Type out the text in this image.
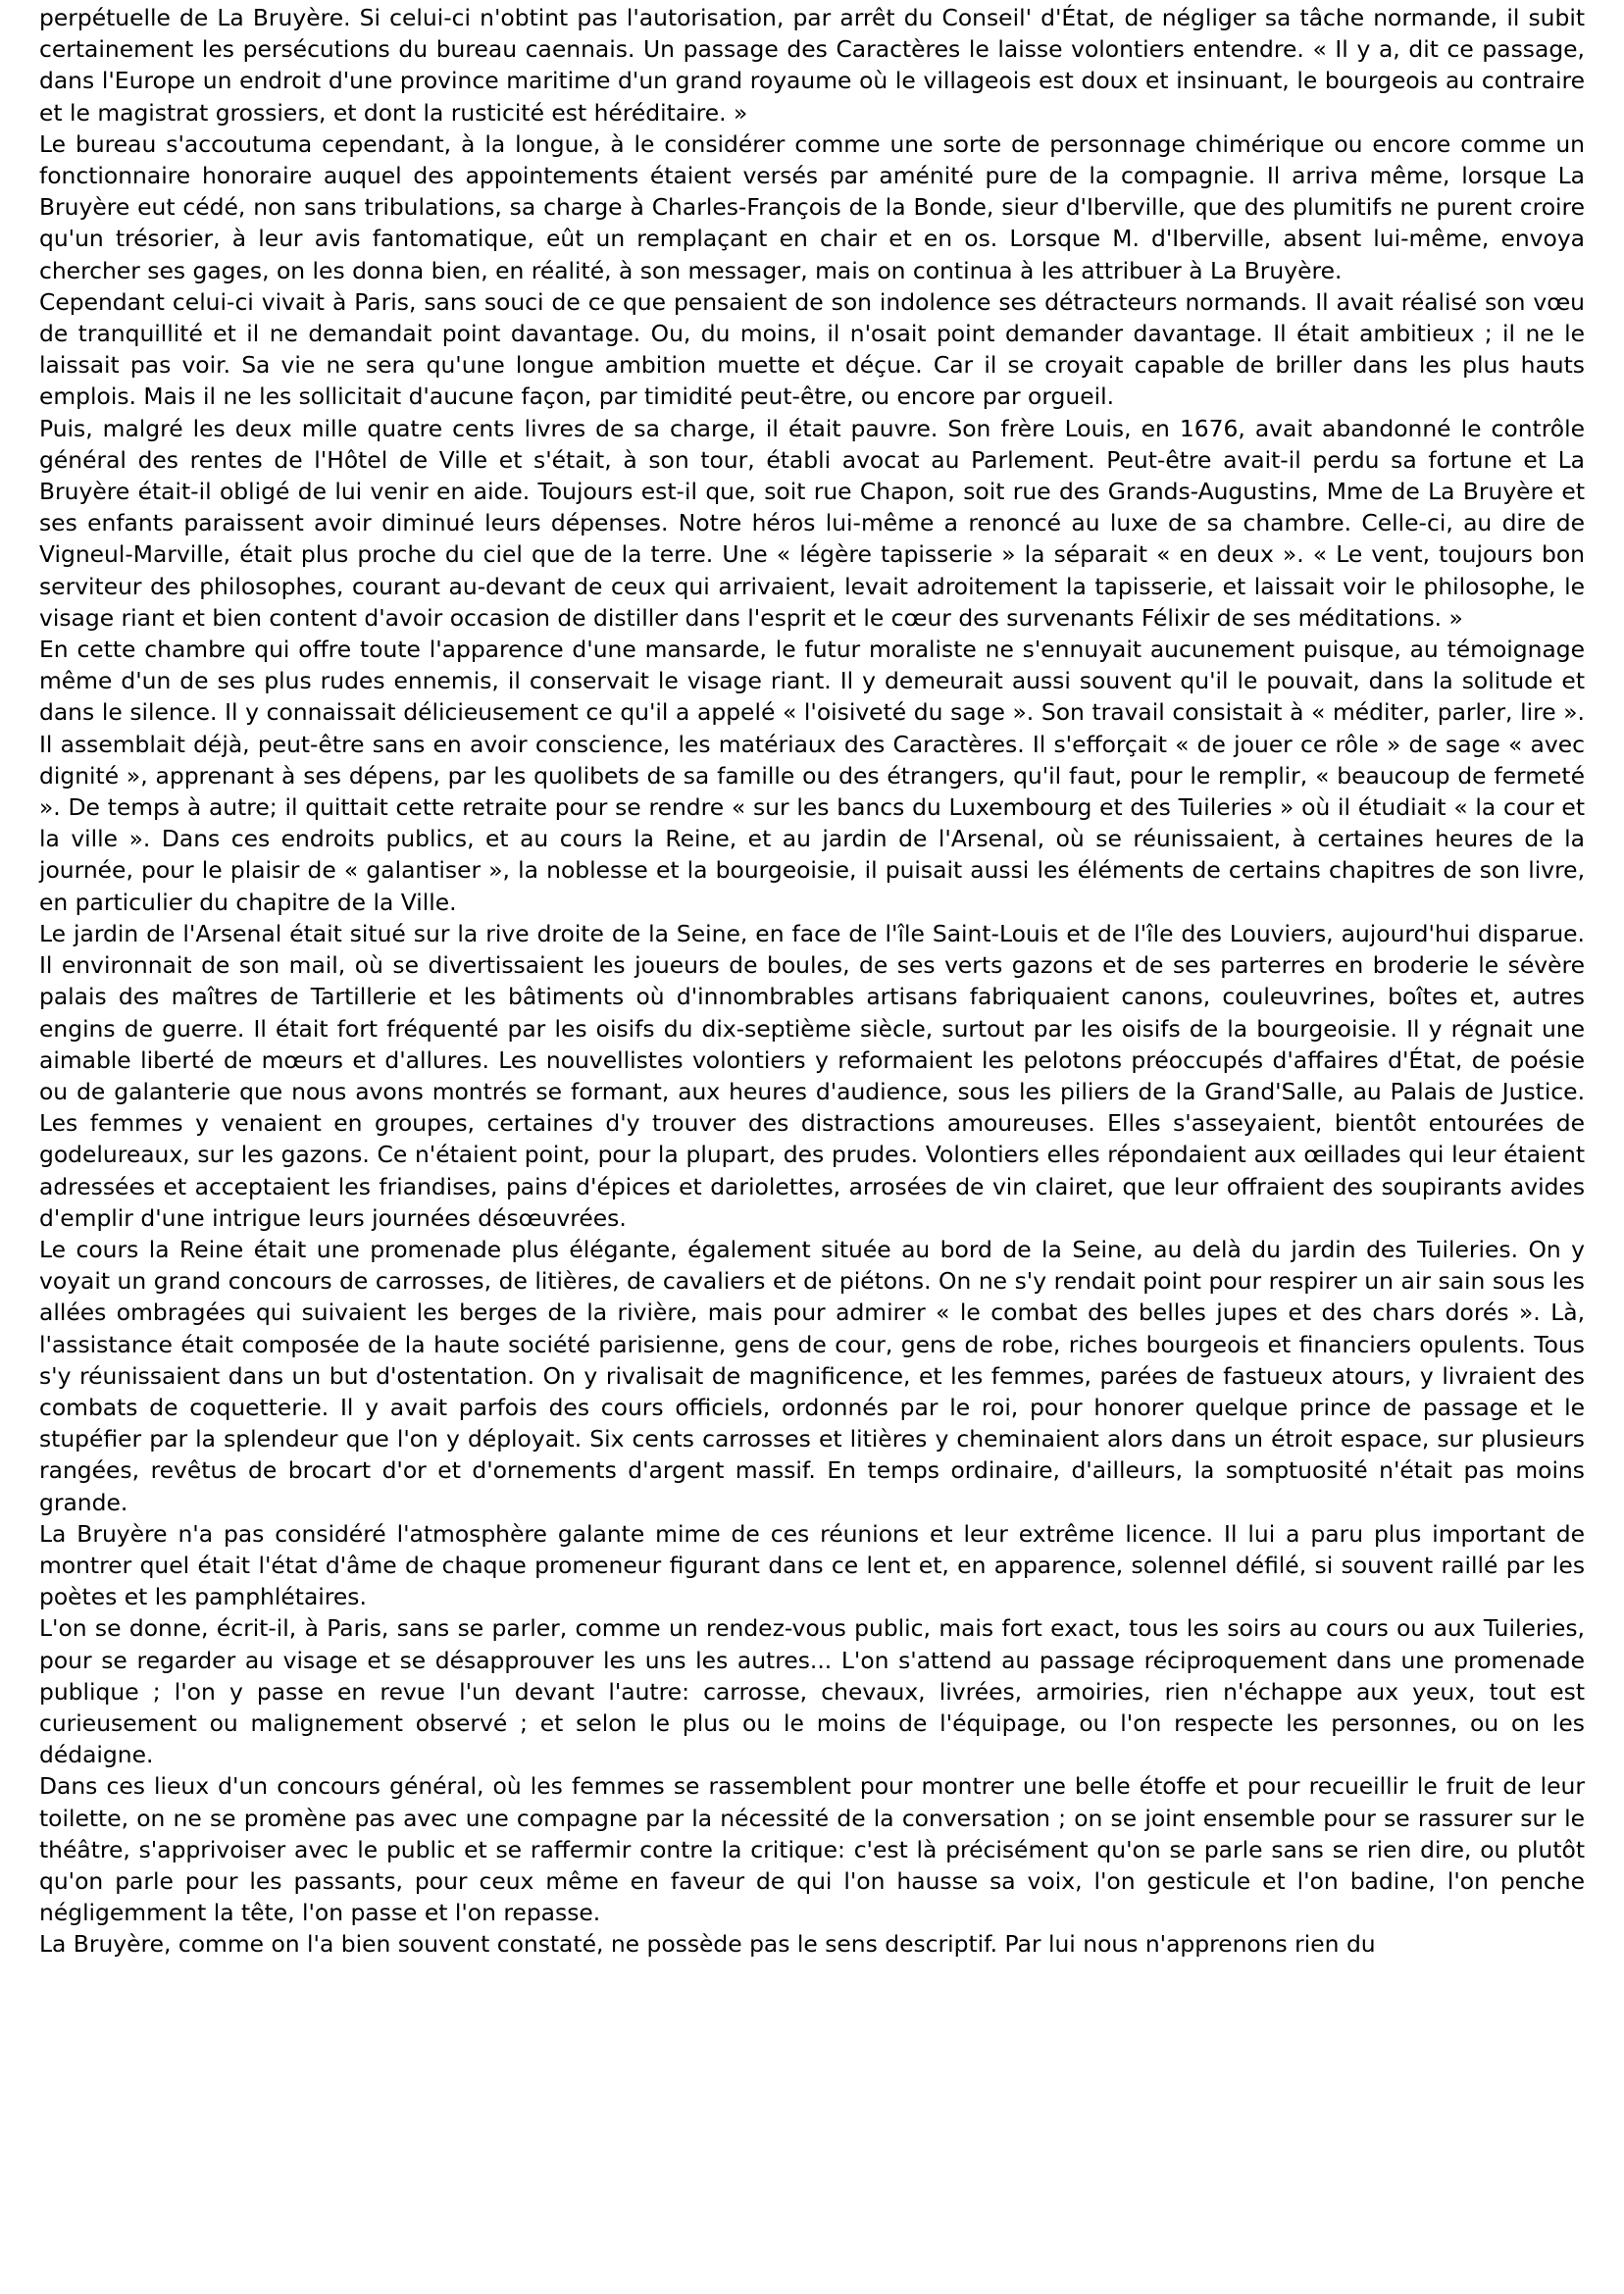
perpétuelle de La Bruyère. Si celui-ci n'obtint pas l'autorisation, par arrêt du Conseil' d'État, de négliger sa tâche normande, il subit certainement les persécutions du bureau caennais. Un passage des Caractères le laisse volontiers entendre. « Il y a, dit ce passage, dans l'Europe un endroit d'une province maritime d'un grand royaume où le villageois est doux et insinuant, le bourgeois au contraire et le magistrat grossiers, et dont la rusticité est héréditaire. »

Le bureau s'accoutuma cependant, à la longue, à le considérer comme une sorte de personnage chimérique ou encore comme un fonctionnaire honoraire auquel des appointements étaient versés par aménité pure de la compagnie. Il arriva même, lorsque La Bruyère eut cédé, non sans tribulations, sa charge à Charles-François de la Bonde, sieur d'Iberville, que des plumitifs ne purent croire qu'un trésorier, à leur avis fantomatique, eût un remplaçant en chair et en os. Lorsque M. d'Iberville, absent lui-même, envoya chercher ses gages, on les donna bien, en réalité, à son messager, mais on continua à les attribuer à La Bruyère.

Cependant celui-ci vivait à Paris, sans souci de ce que pensaient de son indolence ses détracteurs normands. Il avait réalisé son vœu de tranquillité et il ne demandait point davantage. Ou, du moins, il n'osait point demander davantage. Il était ambitieux ; il ne le laissait pas voir. Sa vie ne sera qu'une longue ambition muette et déçue. Car il se croyait capable de briller dans les plus hauts emplois. Mais il ne les sollicitait d'aucune façon, par timidité peut-être, ou encore par orgueil.

Puis, malgré les deux mille quatre cents livres de sa charge, il était pauvre. Son frère Louis, en 1676, avait abandonné le contrôle général des rentes de l'Hôtel de Ville et s'était, à son tour, établi avocat au Parlement. Peut-être avait-il perdu sa fortune et La Bruyère était-il obligé de lui venir en aide. Toujours est-il que, soit rue Chapon, soit rue des Grands-Augustins, Mme de La Bruyère et ses enfants paraissent avoir diminué leurs dépenses. Notre héros lui-même a renoncé au luxe de sa chambre. Celle-ci, au dire de Vigneul-Marville, était plus proche du ciel que de la terre. Une « légère tapisserie » la séparait « en deux ». « Le vent, toujours bon serviteur des philosophes, courant au-devant de ceux qui arrivaient, levait adroitement la tapisserie, et laissait voir le philosophe, le visage riant et bien content d'avoir occasion de distiller dans l'esprit et le cœur des survenants Félixir de ses méditations. »

En cette chambre qui offre toute l'apparence d'une mansarde, le futur moraliste ne s'ennuyait aucunement puisque, au témoignage même d'un de ses plus rudes ennemis, il conservait le visage riant. Il y demeurait aussi souvent qu'il le pouvait, dans la solitude et dans le silence. Il y connaissait délicieusement ce qu'il a appelé « l'oisiveté du sage ». Son travail consistait à « méditer, parler, lire ». Il assemblait déjà, peut-être sans en avoir conscience, les matériaux des Caractères. Il s'efforçait « de jouer ce rôle » de sage « avec dignité », apprenant à ses dépens, par les quolibets de sa famille ou des étrangers, qu'il faut, pour le remplir, « beaucoup de fermeté ». De temps à autre; il quittait cette retraite pour se rendre « sur les bancs du Luxembourg et des Tuileries » où il étudiait « la cour et la ville ». Dans ces endroits publics, et au cours la Reine, et au jardin de l'Arsenal, où se réunissaient, à certaines heures de la journée, pour le plaisir de « galantiser », la noblesse et la bourgeoisie, il puisait aussi les éléments de certains chapitres de son livre, en particulier du chapitre de la Ville.

Le jardin de l'Arsenal était situé sur la rive droite de la Seine, en face de l'île Saint-Louis et de l'île des Louviers, aujourd'hui disparue. Il environnait de son mail, où se divertissaient les joueurs de boules, de ses verts gazons et de ses parterres en broderie le sévère palais des maîtres de Tartillerie et les bâtiments où d'innombrables artisans fabriquaient canons, couleuvrines, boîtes et, autres engins de guerre. Il était fort fréquenté par les oisifs du dix-septième siècle, surtout par les oisifs de la bourgeoisie. Il y régnait une aimable liberté de mœurs et d'allures. Les nouvellistes volontiers y reformaient les pelotons préoccupés d'affaires d'État, de poésie ou de galanterie que nous avons montrés se formant, aux heures d'audience, sous les piliers de la Grand'Salle, au Palais de Justice. Les femmes y venaient en groupes, certaines d'y trouver des distractions amoureuses. Elles s'asseyaient, bientôt entourées de godelureaux, sur les gazons. Ce n'étaient point, pour la plupart, des prudes. Volontiers elles répondaient aux œillades qui leur étaient adressées et acceptaient les friandises, pains d'épices et dariolettes, arrosées de vin clairet, que leur offraient des soupirants avides d'emplir d'une intrigue leurs journées désœuvrées.

Le cours la Reine était une promenade plus élégante, également située au bord de la Seine, au delà du jardin des Tuileries. On y voyait un grand concours de carrosses, de litières, de cavaliers et de piétons. On ne s'y rendait point pour respirer un air sain sous les allées ombragées qui suivaient les berges de la rivière, mais pour admirer « le combat des belles jupes et des chars dorés ». Là, l'assistance était composée de la haute société parisienne, gens de cour, gens de robe, riches bourgeois et financiers opulents. Tous s'y réunissaient dans un but d'ostentation. On y rivalisait de magnificence, et les femmes, parées de fastueux atours, y livraient des combats de coquetterie. Il y avait parfois des cours officiels, ordonnés par le roi, pour honorer quelque prince de passage et le stupéfier par la splendeur que l'on y déployait. Six cents carrosses et litières y cheminaient alors dans un étroit espace, sur plusieurs rangées, revêtus de brocart d'or et d'ornements d'argent massif. En temps ordinaire, d'ailleurs, la somptuosité n'était pas moins grande.

La Bruyère n'a pas considéré l'atmosphère galante mime de ces réunions et leur extrême licence. Il lui a paru plus important de montrer quel était l'état d'âme de chaque promeneur figurant dans ce lent et, en apparence, solennel défilé, si souvent raillé par les poètes et les pamphlétaires.

L'on se donne, écrit-il, à Paris, sans se parler, comme un rendez-vous public, mais fort exact, tous les soirs au cours ou aux Tuileries, pour se regarder au visage et se désapprouver les uns les autres... L'on s'attend au passage réciproquement dans une promenade publique ; l'on y passe en revue l'un devant l'autre: carrosse, chevaux, livrées, armoiries, rien n'échappe aux yeux, tout est curieusement ou malignement observé ; et selon le plus ou le moins de l'équipage, ou l'on respecte les personnes, ou on les dédaigne.

Dans ces lieux d'un concours général, où les femmes se rassemblent pour montrer une belle étoffe et pour recueillir le fruit de leur toilette, on ne se promène pas avec une compagne par la nécessité de la conversation ; on se joint ensemble pour se rassurer sur le théâtre, s'apprivoiser avec le public et se raffermir contre la critique: c'est là précisément qu'on se parle sans se rien dire, ou plutôt qu'on parle pour les passants, pour ceux même en faveur de qui l'on hausse sa voix, l'on gesticule et l'on badine, l'on penche négligemment la tête, l'on passe et l'on repasse.

La Bruyère, comme on l'a bien souvent constaté, ne possède pas le sens descriptif. Par lui nous n'apprenons rien du
